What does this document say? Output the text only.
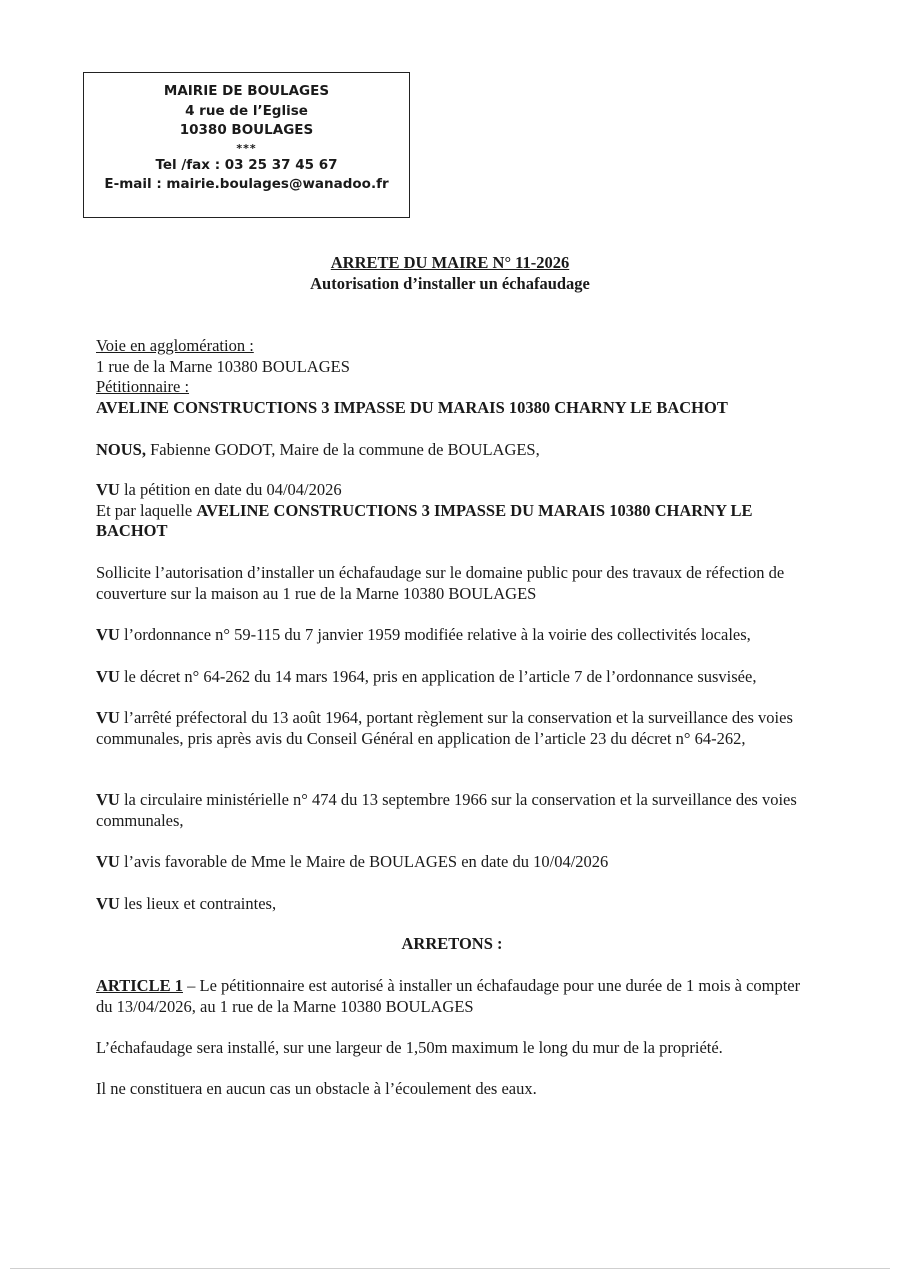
MAIRIE DE BOULAGES
4 rue de l’Eglise
10380 BOULAGES
***
Tel /fax : 03 25 37 45 67
E-mail : mairie.boulages@wanadoo.fr
ARRETE DU MAIRE N° 11-2026
Autorisation d’installer un échafaudage
Voie en agglomération :
1 rue de la Marne 10380 BOULAGES
Pétitionnaire :
AVELINE CONSTRUCTIONS 3 IMPASSE DU MARAIS 10380 CHARNY LE BACHOT
NOUS, Fabienne GODOT, Maire de la commune de BOULAGES,
VU la pétition en date du 04/04/2026
Et par laquelle AVELINE CONSTRUCTIONS 3 IMPASSE DU MARAIS 10380 CHARNY LE BACHOT
Sollicite l’autorisation d’installer un échafaudage sur le domaine public pour des travaux de réfection de couverture sur la maison au 1 rue de la Marne 10380 BOULAGES
VU l’ordonnance n° 59-115 du 7 janvier 1959 modifiée relative à la voirie des collectivités locales,
VU le décret n° 64-262 du 14 mars 1964, pris en application de l’article 7 de l’ordonnance susvisée,
VU l’arrêté préfectoral du 13 août 1964, portant règlement sur la conservation et la surveillance des voies communales, pris après avis du Conseil Général en application de l’article 23 du décret n° 64-262,
VU la circulaire ministérielle n° 474 du 13 septembre 1966 sur la conservation et la surveillance des voies communales,
VU l’avis favorable de Mme le Maire de BOULAGES en date du 10/04/2026
VU les lieux et contraintes,
ARRETONS :
ARTICLE 1 – Le pétitionnaire est autorisé à installer un échafaudage pour une durée de 1 mois à compter du 13/04/2026, au 1 rue de la Marne 10380 BOULAGES
L’échafaudage sera installé, sur une largeur de 1,50m maximum le long du mur de la propriété.
Il ne constituera en aucun cas un obstacle à l’écoulement des eaux.
